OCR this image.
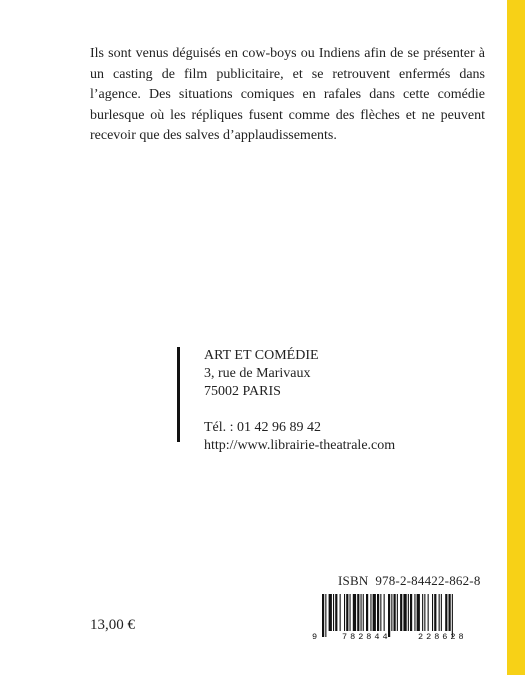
Ils sont venus déguisés en cow-boys ou Indiens afin de se présenter à un casting de film publicitaire, et se retrouvent enfermés dans l’agence. Des situations comiques en rafales dans cette comédie burlesque où les répliques fusent comme des flèches et ne peuvent recevoir que des salves d’applaudissements.

ART ET COMÉDIE
3, rue de Marivaux
75002 PARIS
Tél. : 01 42 96 89 42
http://www.librairie-theatrale.com
ISBN  978-2-84422-862-8
9	782844	228628
13,00 €
